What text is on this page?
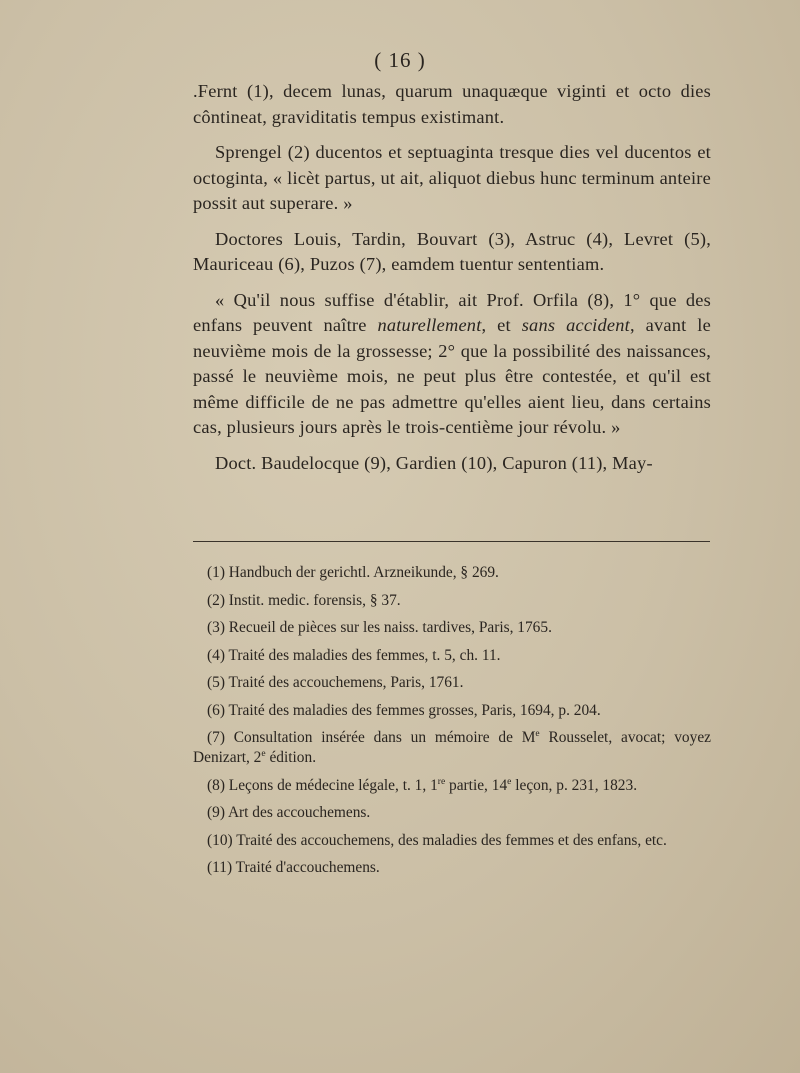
( 16 )

.Fernt (1), decem lunas, quarum unaquæque viginti et octo dies côntineat, graviditatis tempus existimant.

Sprengel (2) ducentos et septuaginta tresque dies vel ducentos et octoginta, « licèt partus, ut ait, aliquot diebus hunc terminum anteire possit aut superare. »

Doctores Louis, Tardin, Bouvart (3), Astruc (4), Levret (5), Mauriceau (6), Puzos (7), eamdem tuentur sententiam.

« Qu'il nous suffise d'établir, ait Prof. Orfila (8), 1° que des enfans peuvent naître naturellement, et sans accident, avant le neuvième mois de la grossesse; 2° que la possibilité des naissances, passé le neuvième mois, ne peut plus être contestée, et qu'il est même difficile de ne pas admettre qu'elles aient lieu, dans certains cas, plusieurs jours après le trois-centième jour révolu. »

Doct. Baudelocque (9), Gardien (10), Capuron (11), May-

(1) Handbuch der gerichtl. Arzneikunde, § 269.

(2) Instit. medic. forensis, § 37.

(3) Recueil de pièces sur les naiss. tardives, Paris, 1765.

(4) Traité des maladies des femmes, t. 5, ch. 11.

(5) Traité des accouchemens, Paris, 1761.

(6) Traité des maladies des femmes grosses, Paris, 1694, p. 204.

(7) Consultation insérée dans un mémoire de Me Rousselet, avocat; voyez Denizart, 2e édition.

(8) Leçons de médecine légale, t. 1, 1re partie, 14e leçon, p. 231, 1823.

(9) Art des accouchemens.

(10) Traité des accouchemens, des maladies des femmes et des enfans, etc.

(11) Traité d'accouchemens.
